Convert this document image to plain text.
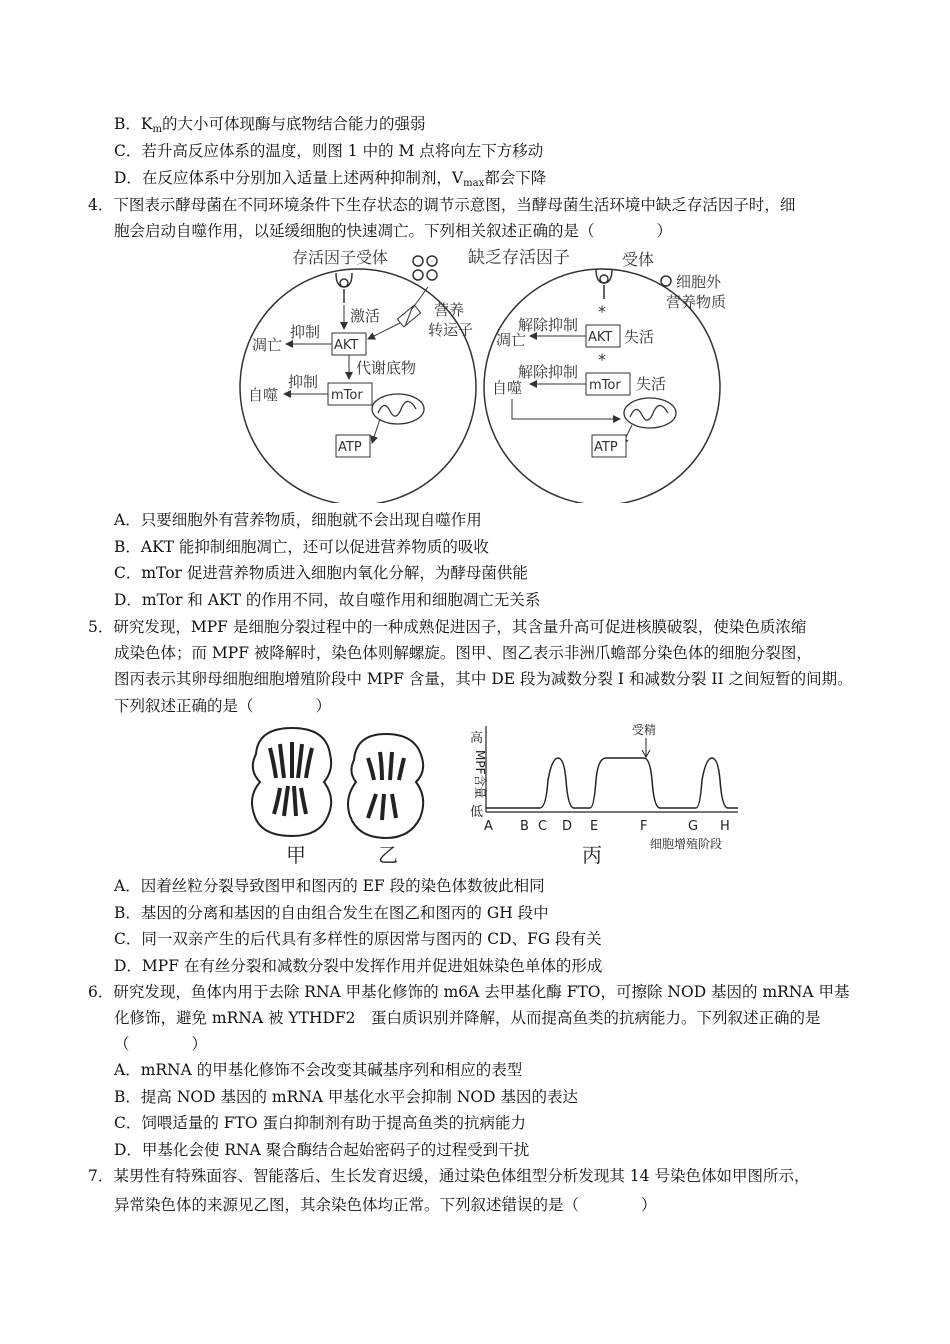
B．$K_m$的大小可体现酶与底物结合能力的强弱
C．若升高反应体系的温度，则图 1 中的 M 点将向左下方移动
D．在反应体系中分别加入适量上述两种抑制剂，$V_{max}$都会下降
4．下图表示酵母菌在不同环境条件下生存状态的调节示意图，当酵母菌生活环境中缺乏存活因子时，细
胞会启动自噬作用，以延缓细胞的快速凋亡。下列相关叙述正确的是（　　　　）
存活因子受体
激活
AKT
抑制
凋亡
营养
转运子
代谢底物
mTor
抑制
自噬
ATP
缺乏存活因子	受体
细胞外
营养物质
*
AKT 失活
解除抑制
凋亡
*
mTor 失活
解除抑制
自噬
ATP
A．只要细胞外有营养物质，细胞就不会出现自噬作用
B．AKT 能抑制细胞凋亡，还可以促进营养物质的吸收
C．mTor 促进营养物质进入细胞内氧化分解，为酵母菌供能
D．mTor 和 AKT 的作用不同，故自噬作用和细胞凋亡无关系
5．研究发现，MPF 是细胞分裂过程中的一种成熟促进因子，其含量升高可促进核膜破裂，使染色质浓缩
成染色体；而 MPF 被降解时，染色体则解螺旋。图甲、图乙表示非洲爪蟾部分染色体的细胞分裂图，
图丙表示其卵母细胞细胞增殖阶段中 MPF 含量，其中 DE 段为减数分裂 I 和减数分裂 II 之间短暂的间期。
下列叙述正确的是（　　　　）
甲	乙
高
MPF含量
低
受精
A B C D E	F	G H
细胞增殖阶段
丙
A．因着丝粒分裂导致图甲和图丙的 EF 段的染色体数彼此相同
B．基因的分离和基因的自由组合发生在图乙和图丙的 GH 段中
C．同一双亲产生的后代具有多样性的原因常与图丙的 CD、FG 段有关
D．MPF 在有丝分裂和减数分裂中发挥作用并促进姐妹染色单体的形成
6．研究发现，鱼体内用于去除 RNA 甲基化修饰的 m6A 去甲基化酶 FTO，可擦除 NOD 基因的 mRNA 甲基
化修饰，避免 mRNA 被 YTHDF2　蛋白质识别并降解，从而提高鱼类的抗病能力。下列叙述正确的是
（　　　　）
A．mRNA 的甲基化修饰不会改变其碱基序列和相应的表型
B．提高 NOD 基因的 mRNA 甲基化水平会抑制 NOD 基因的表达
C．饲喂适量的 FTO 蛋白抑制剂有助于提高鱼类的抗病能力
D．甲基化会使 RNA 聚合酶结合起始密码子的过程受到干扰
7．某男性有特殊面容、智能落后、生长发育迟缓，通过染色体组型分析发现其 14 号染色体如甲图所示，
异常染色体的来源见乙图，其余染色体均正常。下列叙述· · 错误的是（　　　　）
